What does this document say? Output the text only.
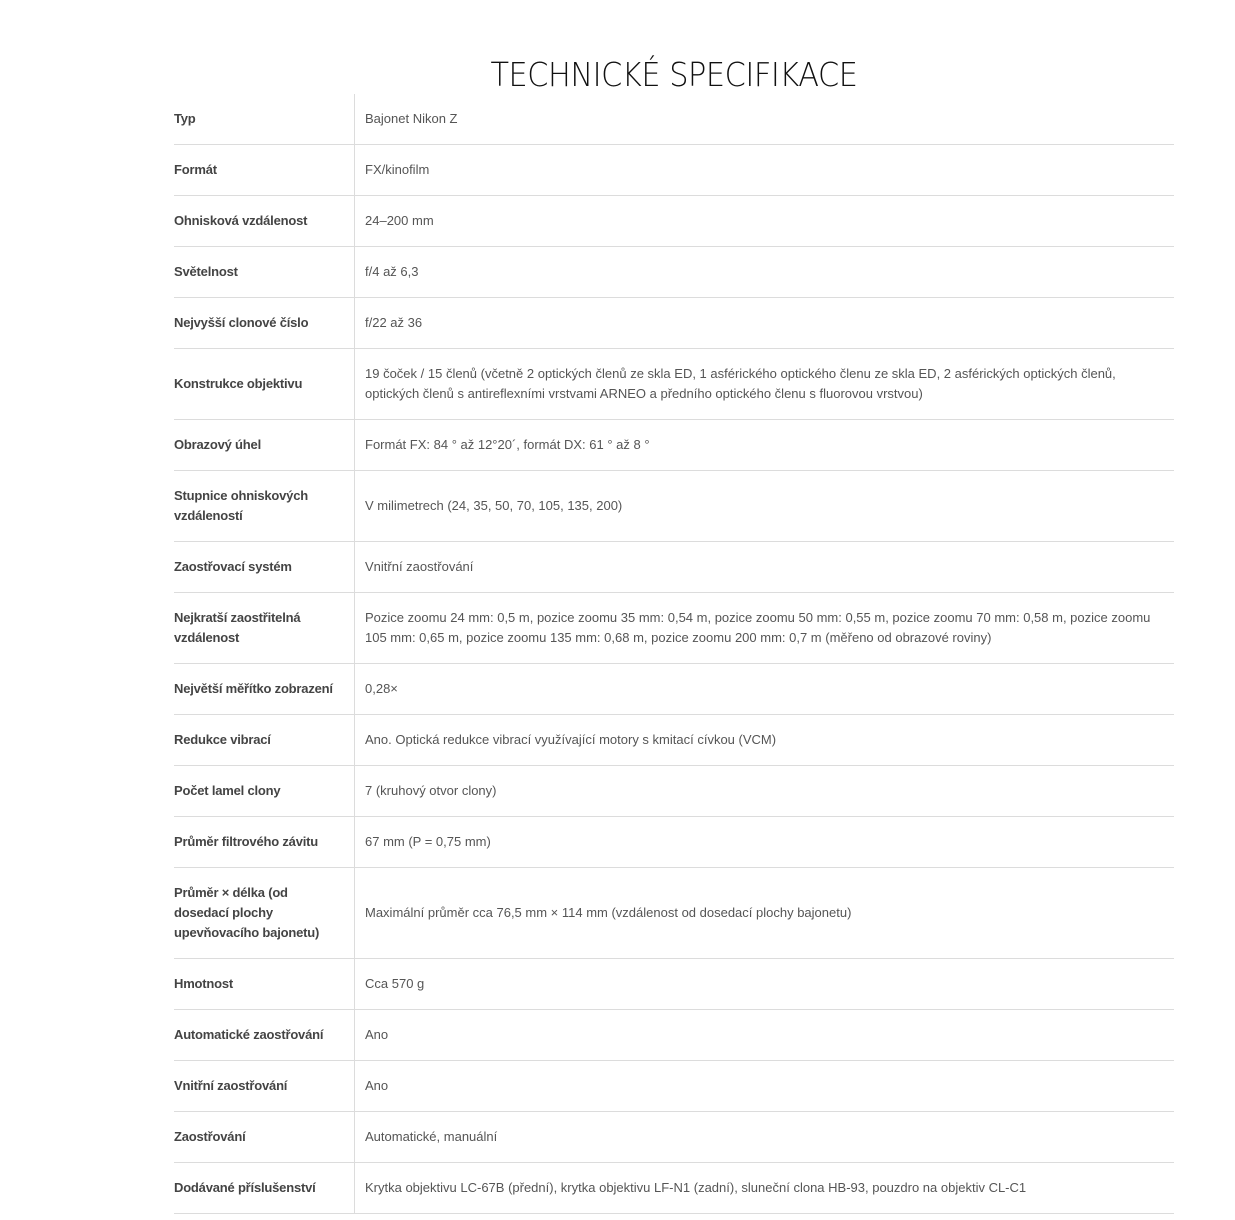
TECHNICKÉ SPECIFIKACE
Typ	Bajonet Nikon Z
Formát	FX/kinofilm
Ohnisková vzdálenost	24–200 mm
Světelnost	f/4 až 6,3
Nejvyšší clonové číslo	f/22 až 36
Konstrukce objektivu	19 čoček / 15 členů (včetně 2 optických členů ze skla ED, 1 asférického optického členu ze skla ED, 2 asférických optických členů, optických členů s antireflexními vrstvami ARNEO a předního optického členu s fluorovou vrstvou)
Obrazový úhel	Formát FX: 84 ° až 12°20´, formát DX: 61 ° až 8 °
Stupnice ohniskových vzdáleností	V milimetrech (24, 35, 50, 70, 105, 135, 200)
Zaostřovací systém	Vnitřní zaostřování
Nejkratší zaostřitelná vzdálenost	Pozice zoomu 24 mm: 0,5 m, pozice zoomu 35 mm: 0,54 m, pozice zoomu 50 mm: 0,55 m, pozice zoomu 70 mm: 0,58 m, pozice zoomu 105 mm: 0,65 m, pozice zoomu 135 mm: 0,68 m, pozice zoomu 200 mm: 0,7 m (měřeno od obrazové roviny)
Největší měřítko zobrazení	0,28×
Redukce vibrací	Ano. Optická redukce vibrací využívající motory s kmitací cívkou (VCM)
Počet lamel clony	7 (kruhový otvor clony)
Průměr filtrového závitu	67 mm (P = 0,75 mm)
Průměr × délka (od dosedací plochy upevňovacího bajonetu)	Maximální průměr cca 76,5 mm × 114 mm (vzdálenost od dosedací plochy bajonetu)
Hmotnost	Cca 570 g
Automatické zaostřování	Ano
Vnitřní zaostřování	Ano
Zaostřování	Automatické, manuální
Dodávané příslušenství	Krytka objektivu LC-67B (přední), krytka objektivu LF-N1 (zadní), sluneční clona HB-93, pouzdro na objektiv CL-C1
